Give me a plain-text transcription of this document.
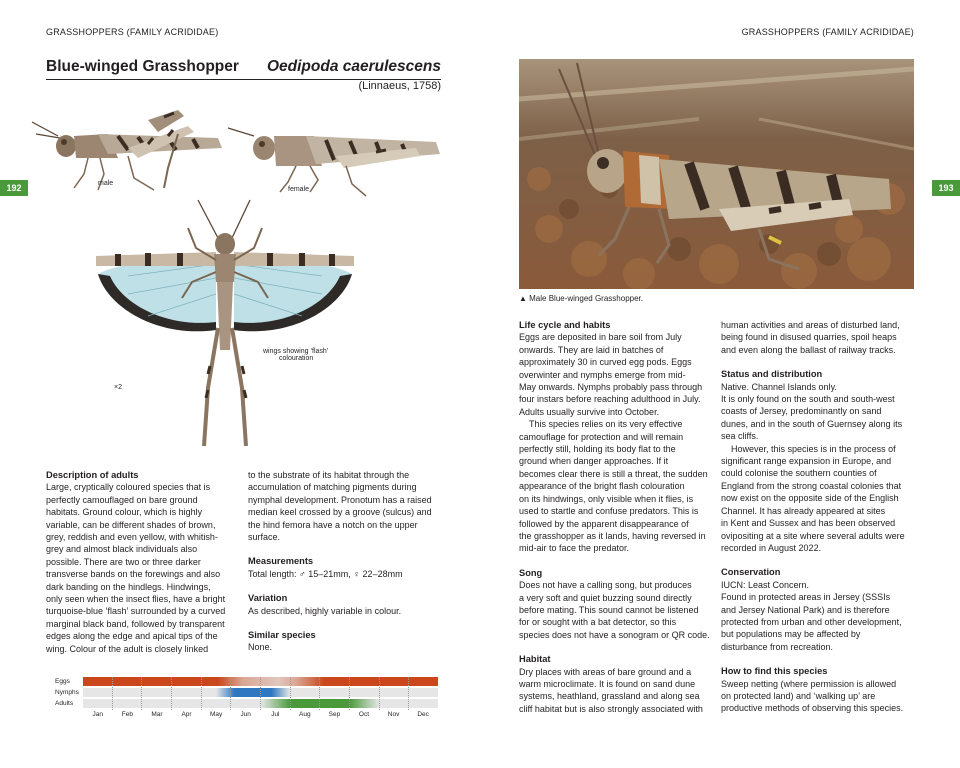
GRASSHOPPERS (FAMILY ACRIDIDAE)	GRASSHOPPERS (FAMILY ACRIDIDAE)
192	193
Blue-winged Grasshopper	Oedipoda caerulescens
(Linnaeus, 1758)
male
female
wings showing ‘flash’
colouration
×2
▲ Male Blue-winged Grasshopper.
Description of adults

Large, cryptically coloured species that is

perfectly camouflaged on bare ground

habitats. Ground colour, which is highly

variable, can be different shades of brown,

grey, reddish and even yellow, with whitish-

grey and almost black individuals also

possible. There are two or three darker

transverse bands on the forewings and also

dark banding on the hindlegs. Hindwings,

only seen when the insect flies, have a bright

turquoise-blue ‘flash’ surrounded by a curved

marginal black band, followed by transparent

edges along the edge and apical tips of the

wing. Colour of the adult is closely linked

to the substrate of its habitat through the

accumulation of matching pigments during

nymphal development. Pronotum has a raised

median keel crossed by a groove (sulcus) and

the hind femora have a notch on the upper

surface.

Measurements

Total length: ♂ 15–21mm, ♀ 22–28mm

Variation

As described, highly variable in colour.

Similar species

None.

Eggs
Nymphs
Adults
Jan	Feb	Mar	Apr	May	Jun	Jul	Aug	Sep	Oct	Nov	Dec
Life cycle and habits

Eggs are deposited in bare soil from July

onwards. They are laid in batches of

approximately 30 in curved egg pods. Eggs

overwinter and nymphs emerge from mid-

May onwards. Nymphs probably pass through

four instars before reaching adulthood in July.

Adults usually survive into October.

This species relies on its very effective

camouflage for protection and will remain

perfectly still, holding its body flat to the

ground when danger approaches. If it

becomes clear there is still a threat, the sudden

appearance of the bright flash colouration

on its hindwings, only visible when it flies, is

used to startle and confuse predators. This is

followed by the apparent disappearance of

the grasshopper as it lands, having reversed in

mid-air to face the predator.

Song

Does not have a calling song, but produces

a very soft and quiet buzzing sound directly

before mating. This sound cannot be listened

for or sought with a bat detector, so this

species does not have a sonogram or QR code.

Habitat

Dry places with areas of bare ground and a

warm microclimate. It is found on sand dune

systems, heathland, grassland and along sea

cliff habitat but is also strongly associated with

human activities and areas of disturbed land,

being found in disused quarries, spoil heaps

and even along the ballast of railway tracks.

Status and distribution

Native. Channel Islands only.

It is only found on the south and south-west

coasts of Jersey, predominantly on sand

dunes, and in the south of Guernsey along its

sea cliffs.

However, this species is in the process of

significant range expansion in Europe, and

could colonise the southern counties of

England from the strong coastal colonies that

now exist on the opposite side of the English

Channel. It has already appeared at sites

in Kent and Sussex and has been observed

ovipositing at a site where several adults were

recorded in August 2022.

Conservation

IUCN: Least Concern.

Found in protected areas in Jersey (SSSIs

and Jersey National Park) and is therefore

protected from urban and other development,

but populations may be affected by

disturbance from recreation.

How to find this species

Sweep netting (where permission is allowed

on protected land) and ‘walking up’ are

productive methods of observing this species.
